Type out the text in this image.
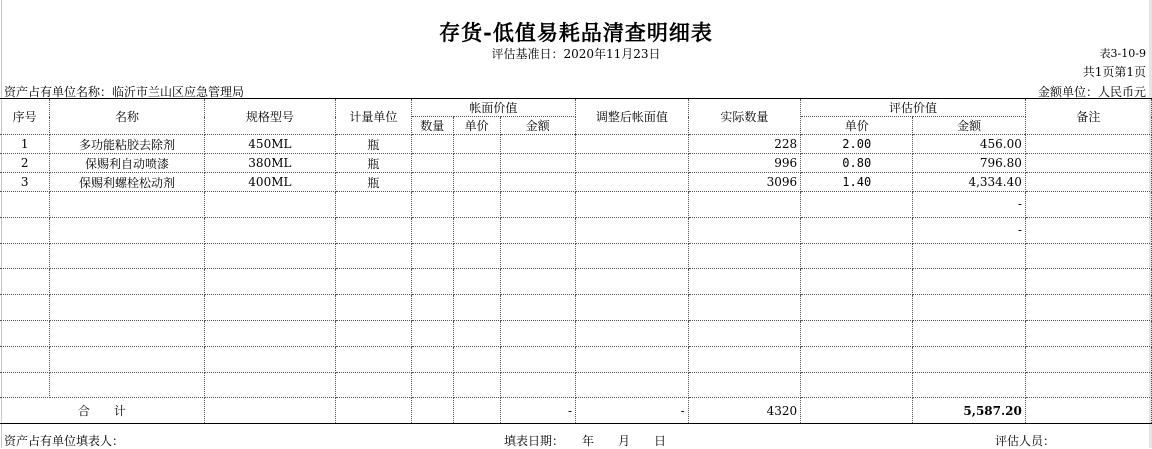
存货-低值易耗品清查明细表
评估基准日：2020年11月23日	表3-10-9
共1页第1页
资产占有单位名称：临沂市兰山区应急管理局	金额单位：人民币元
序号	名称	规格型号	计量单位	帐面价值			调整后帐面值	实际数量	评估价值		备注
				数量	单价	金额			单价	金额	
1	多功能粘胶去除剂	450ML	瓶					228	2.00	456.00	
2	保赐利自动喷漆	380ML	瓶					996	0.80	796.80	
3	保赐利螺栓松动剂	400ML	瓶					3096	1.40	4,334.40	
										-	
										-	

合　　计						-	-	4320		5,587.20	
资产占有单位填表人：	填表日期：　　年　　月　　日	评估人员：
